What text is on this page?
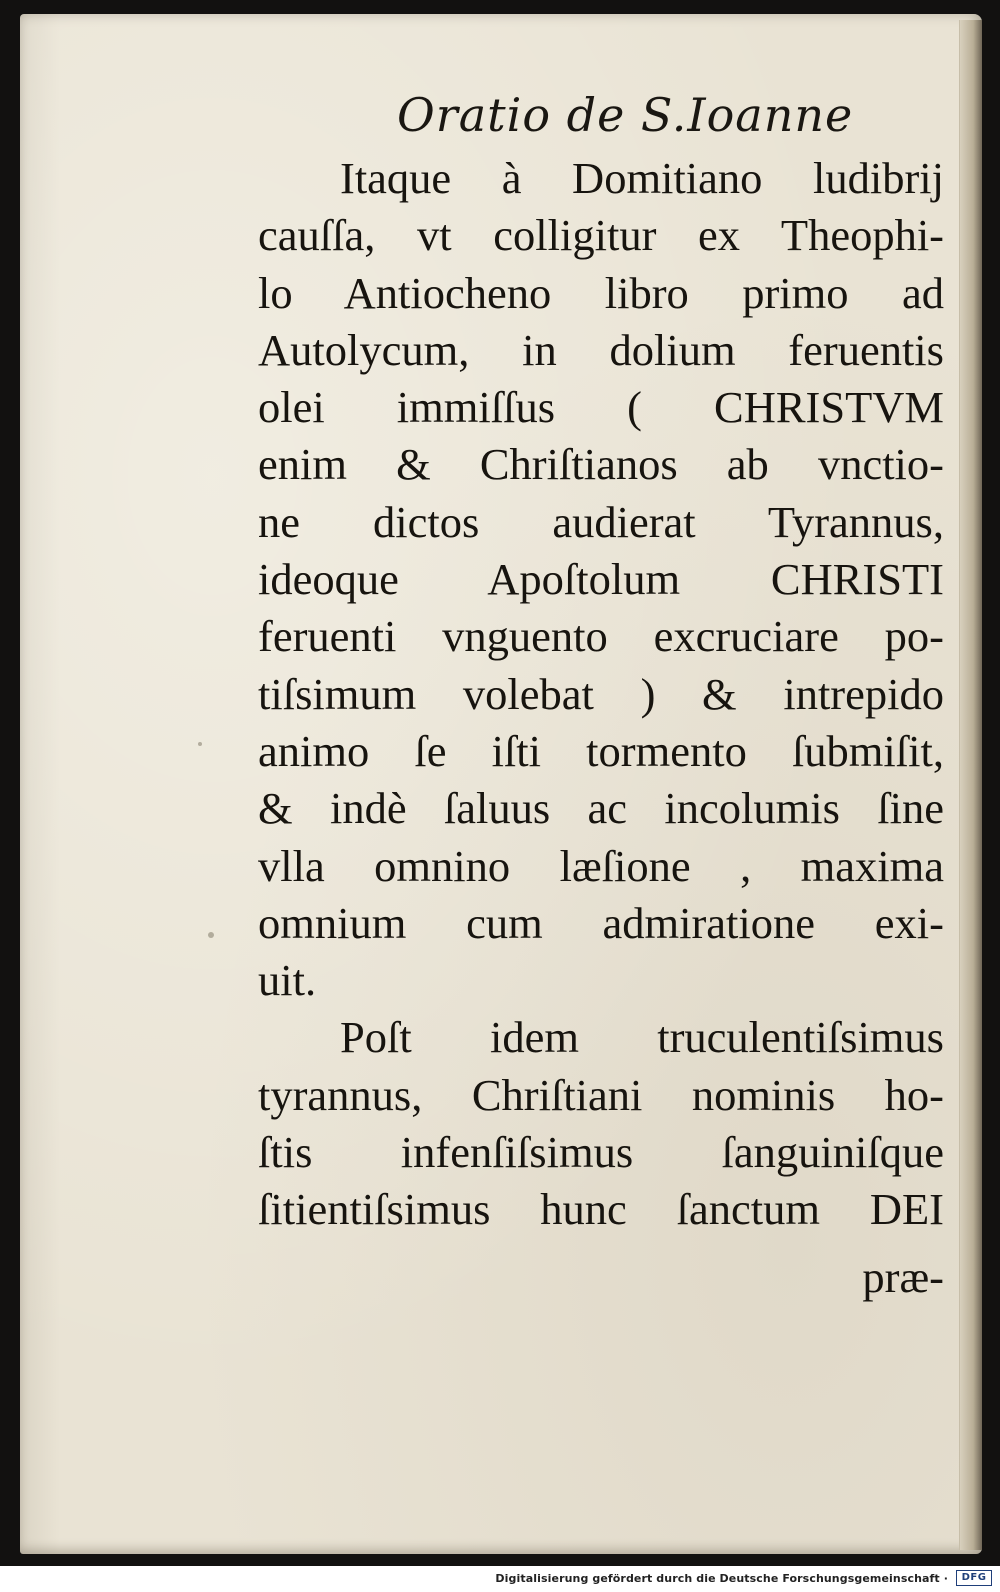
Oratio de S.Ioanne
Itaque à Domitiano ludibrij
cauſſa, vt colligitur ex Theophi-
lo Antiocheno libro primo ad
Autolycum, in dolium feruentis
olei immiſſus ( CHRISTVM
enim & Chriſtianos ab vnctio-
ne dictos audierat Tyrannus,
ideoque Apoſtolum CHRISTI
feruenti vnguento excruciare po-
tiſsimum volebat ) & intrepido
animo ſe iſti tormento ſubmiſit,
& indè ſaluus ac incolumis ſine
vlla omnino læſione , maxima
omnium cum admiratione exi-
uit.
Poſt idem truculentiſsimus
tyrannus, Chriſtiani nominis ho-
ſtis infenſiſsimus ſanguiniſque
ſitientiſsimus hunc ſanctum DEI
præ-
Digitalisierung gefördert durch die Deutsche Forschungsgemeinschaft ·	DFG
